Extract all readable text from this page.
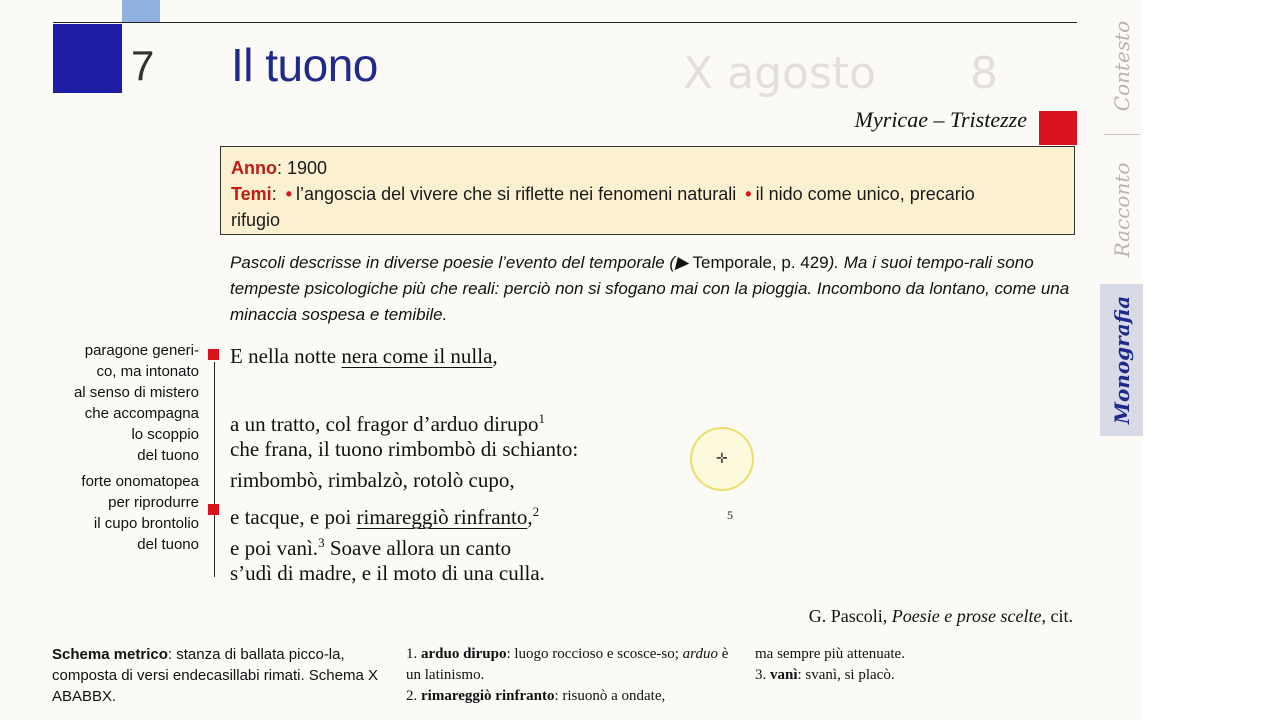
X agosto 8
7 Il tuono
Myricae – Tristezze
Anno: 1900
Temi: • l’angoscia del vivere che si riflette nei fenomeni naturali • il nido come unico, precario
rifugio
Pascoli descrisse in diverse poesie l’evento del temporale (▶ Temporale, p. 429). Ma i suoi tempo-rali sono tempeste psicologiche più che reali: perciò non si sfogano mai con la pioggia. Incombono da lontano, come una minaccia sospesa e temibile.
paragone generi-
co, ma intonato
al senso di mistero
che accompagna
lo scoppio
del tuono
forte onomatopea
per riprodurre
il cupo brontolio
del tuono
E nella notte nera come il nulla,
a un tratto, col fragor d’arduo dirupo$^1$
che frana, il tuono rimbombò di schianto:
rimbombò, rimbalzò, rotolò cupo,
e tacque, e poi rimareggiò rinfranto,$^2$
e poi vanì.$^3$ Soave allora un canto
s’udì di madre, e il moto di una culla.
5
G. Pascoli, Poesie e prose scelte, cit.
Schema metrico: stanza di ballata picco-la, composta di versi endecasillabi rimati. Schema X ABABBX.
1. arduo dirupo: luogo roccioso e scosce-so; arduo è un latinismo.
2. rimareggiò rinfranto: risuonò a ondate,
ma sempre più attenuate.
3. vanì: svanì, si placò.
✛
Contesto
Racconto
Monografia
